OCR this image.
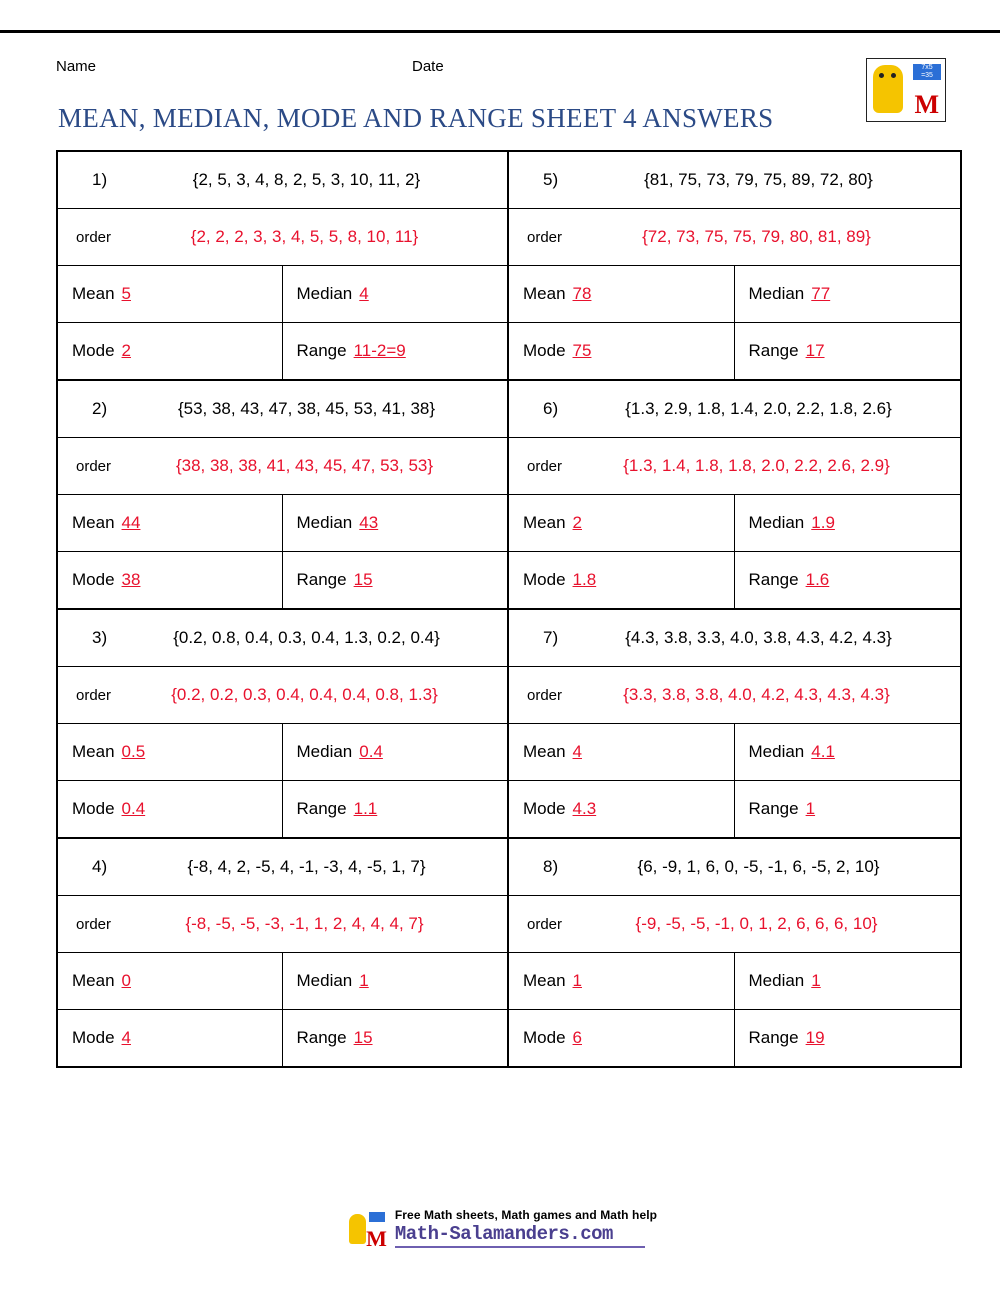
Name	Date	7x5
=35
M
MEAN, MEDIAN, MODE AND RANGE SHEET 4 ANSWERS
1)	{2, 5, 3, 4, 8, 2, 5, 3, 10, 11, 2}
order	{2, 2, 2, 3, 3, 4, 5, 5, 8, 10, 11}
Mean 5	Median 4
Mode 2	Range 11-2=9
5)	{81, 75, 73, 79, 75, 89, 72, 80}
order	{72, 73, 75, 75, 79, 80, 81, 89}
Mean 78	Median 77
Mode 75	Range 17
2)	{53, 38, 43, 47, 38, 45, 53, 41, 38}
order	{38, 38, 38, 41, 43, 45, 47, 53, 53}
Mean 44	Median 43
Mode 38	Range 15
6)	{1.3, 2.9, 1.8, 1.4, 2.0, 2.2, 1.8, 2.6}
order	{1.3, 1.4, 1.8, 1.8, 2.0, 2.2, 2.6, 2.9}
Mean 2	Median 1.9
Mode 1.8	Range 1.6
3)	{0.2, 0.8, 0.4, 0.3, 0.4, 1.3, 0.2, 0.4}
order	{0.2, 0.2, 0.3, 0.4, 0.4, 0.4, 0.8, 1.3}
Mean 0.5	Median 0.4
Mode 0.4	Range 1.1
7)	{4.3, 3.8, 3.3, 4.0, 3.8, 4.3, 4.2, 4.3}
order	{3.3, 3.8, 3.8, 4.0, 4.2, 4.3, 4.3, 4.3}
Mean 4	Median 4.1
Mode 4.3	Range 1
4)	{-8, 4, 2, -5, 4, -1, -3, 4, -5, 1, 7}
order	{-8, -5, -5, -3, -1, 1, 2, 4, 4, 4, 7}
Mean 0	Median 1
Mode 4	Range 15
8)	{6, -9, 1, 6, 0, -5, -1, 6, -5, 2, 10}
order	{-9, -5, -5, -1, 0, 1, 2, 6, 6, 6, 10}
Mean 1	Median 1
Mode 6	Range 19
M
Free Math sheets, Math games and Math help
Math-Salamanders.com
